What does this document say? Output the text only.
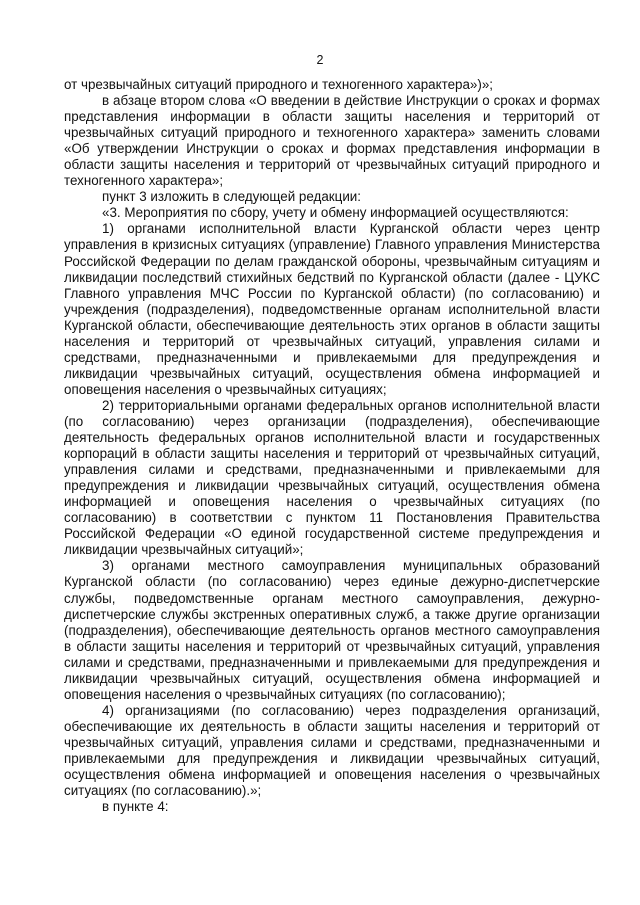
2

от чрезвычайных ситуаций природного и техногенного характера»)»;

в абзаце втором слова «О введении в действие Инструкции о сроках и формах представления информации в области защиты населения и территорий от чрезвычайных ситуаций природного и техногенного характера» заменить словами «Об утверждении Инструкции о сроках и формах представления информации в области защиты населения и территорий от чрезвычайных ситуаций природного и техногенного характера»;

пункт 3 изложить в следующей редакции:

«3. Мероприятия по сбору, учету и обмену информацией осуществляются:

1) органами исполнительной власти Курганской области через центр управления в кризисных ситуациях (управление) Главного управления Министерства Российской Федерации по делам гражданской обороны, чрезвычайным ситуациям и ликвидации последствий стихийных бедствий по Курганской области (далее - ЦУКС Главного управления МЧС России по Курганской области) (по согласованию) и учреждения (подразделения), подведомственные органам исполнительной власти Курганской области, обеспечивающие деятельность этих органов в области защиты населения и территорий от чрезвычайных ситуаций, управления силами и средствами, предназначенными и привлекаемыми для предупреждения и ликвидации чрезвычайных ситуаций, осуществления обмена информацией и оповещения населения о чрезвычайных ситуациях;

2) территориальными органами федеральных органов исполнительной власти (по согласованию) через организации (подразделения), обеспечивающие деятельность федеральных органов исполнительной власти и государственных корпораций в области защиты населения и территорий от чрезвычайных ситуаций, управления силами и средствами, предназначенными и привлекаемыми для предупреждения и ликвидации чрезвычайных ситуаций, осуществления обмена информацией и оповещения населения о чрезвычайных ситуациях (по согласованию) в соответствии с пунктом 11 Постановления Правительства Российской Федерации «О единой государственной системе предупреждения и ликвидации чрезвычайных ситуаций»;

3) органами местного самоуправления муниципальных образований Курганской области (по согласованию) через единые дежурно-диспетчерские службы, подведомственные органам местного самоуправления, дежурно-диспетчерские службы экстренных оперативных служб, а также другие организации (подразделения), обеспечивающие деятельность органов местного самоуправления в области защиты населения и территорий от чрезвычайных ситуаций, управления силами и средствами, предназначенными и привлекаемыми для предупреждения и ликвидации чрезвычайных ситуаций, осуществления обмена информацией и оповещения населения о чрезвычайных ситуациях (по согласованию);

4) организациями (по согласованию) через подразделения организаций, обеспечивающие их деятельность в области защиты населения и территорий от чрезвычайных ситуаций, управления силами и средствами, предназначенными и привлекаемыми для предупреждения и ликвидации чрезвычайных ситуаций, осуществления обмена информацией и оповещения населения о чрезвычайных ситуациях (по согласованию).»;

в пункте 4:
